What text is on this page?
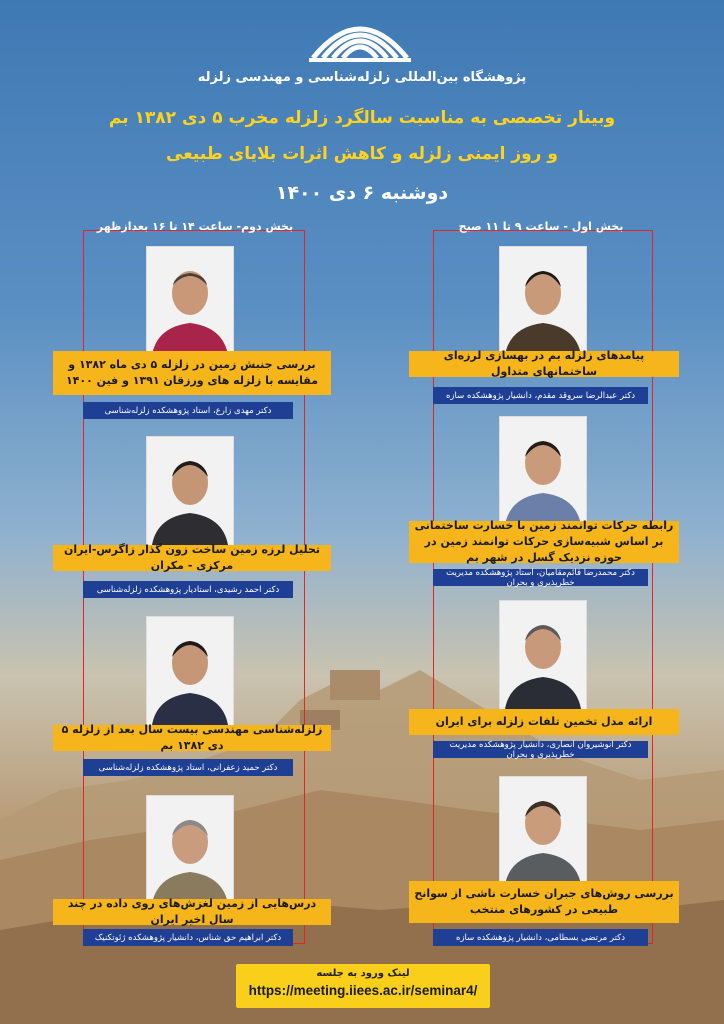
پژوهشگاه بین‌المللی زلزله‌شناسی و مهندسی زلزله
وبینار تخصصی به مناسبت سالگرد زلزله مخرب ۵ دی ۱۳۸۲ بم
و روز ایمنی زلزله و کاهش اثرات بلایای طبیعی
دوشنبه ۶ دی ۱۴۰۰
بخش دوم- ساعت ۱۴ تا ۱۶ بعدازظهر	بخش اول - ساعت ۹ تا ۱۱ صبح
پیامدهای زلزله بم در بهسازی لرزه‌ای ساختمانهای متداول
دکتر عبدالرضا سروقد مقدم، دانشیار پژوهشکده سازه
رابطه حرکات توانمند زمین با خسارت ساختمانی بر اساس شبیه‌سازی حرکات توانمند زمین در حوزه نزدیک گسل در شهر بم
دکتر محمدرضا قائم‌مقامیان، استاد پژوهشکده مدیریت خطرپذیری و بحران
ارائه مدل تخمین تلفات زلزله برای ایران
دکتر انوشیروان انصاری، دانشیار پژوهشکده مدیریت خطرپذیری و بحران
بررسی روش‌های جبران خسارت ناشی از سوانح طبیعی در کشورهای منتخب
دکتر مرتضی بسطامی، دانشیار پژوهشکده سازه
بررسی جنبش زمین در زلزله ۵ دی ماه ۱۳۸۲ و مقایسه با زلزله های ورزقان ۱۳۹۱ و فین ۱۴۰۰
دکتر مهدی زارع، استاد پژوهشکده زلزله‌شناسی
تحلیل لرزه زمین ساخت زون گذار زاگرس-ایران مرکزی - مکران
دکتر احمد رشیدی، استادیار پژوهشکده زلزله‌شناسی
زلزله‌شناسی مهندسی بیست سال بعد از زلزله ۵ دی ۱۳۸۲ بم
دکتر حمید زعفرانی، استاد پژوهشکده زلزله‌شناسی
درس‌هایی از زمین لغزش‌های روی داده در چند سال اخیر ایران
دکتر ابراهیم حق شناس، دانشیار پژوهشکده ژئوتکنیک
لینک ورود به جلسه
https://meeting.iiees.ac.ir/seminar4/
